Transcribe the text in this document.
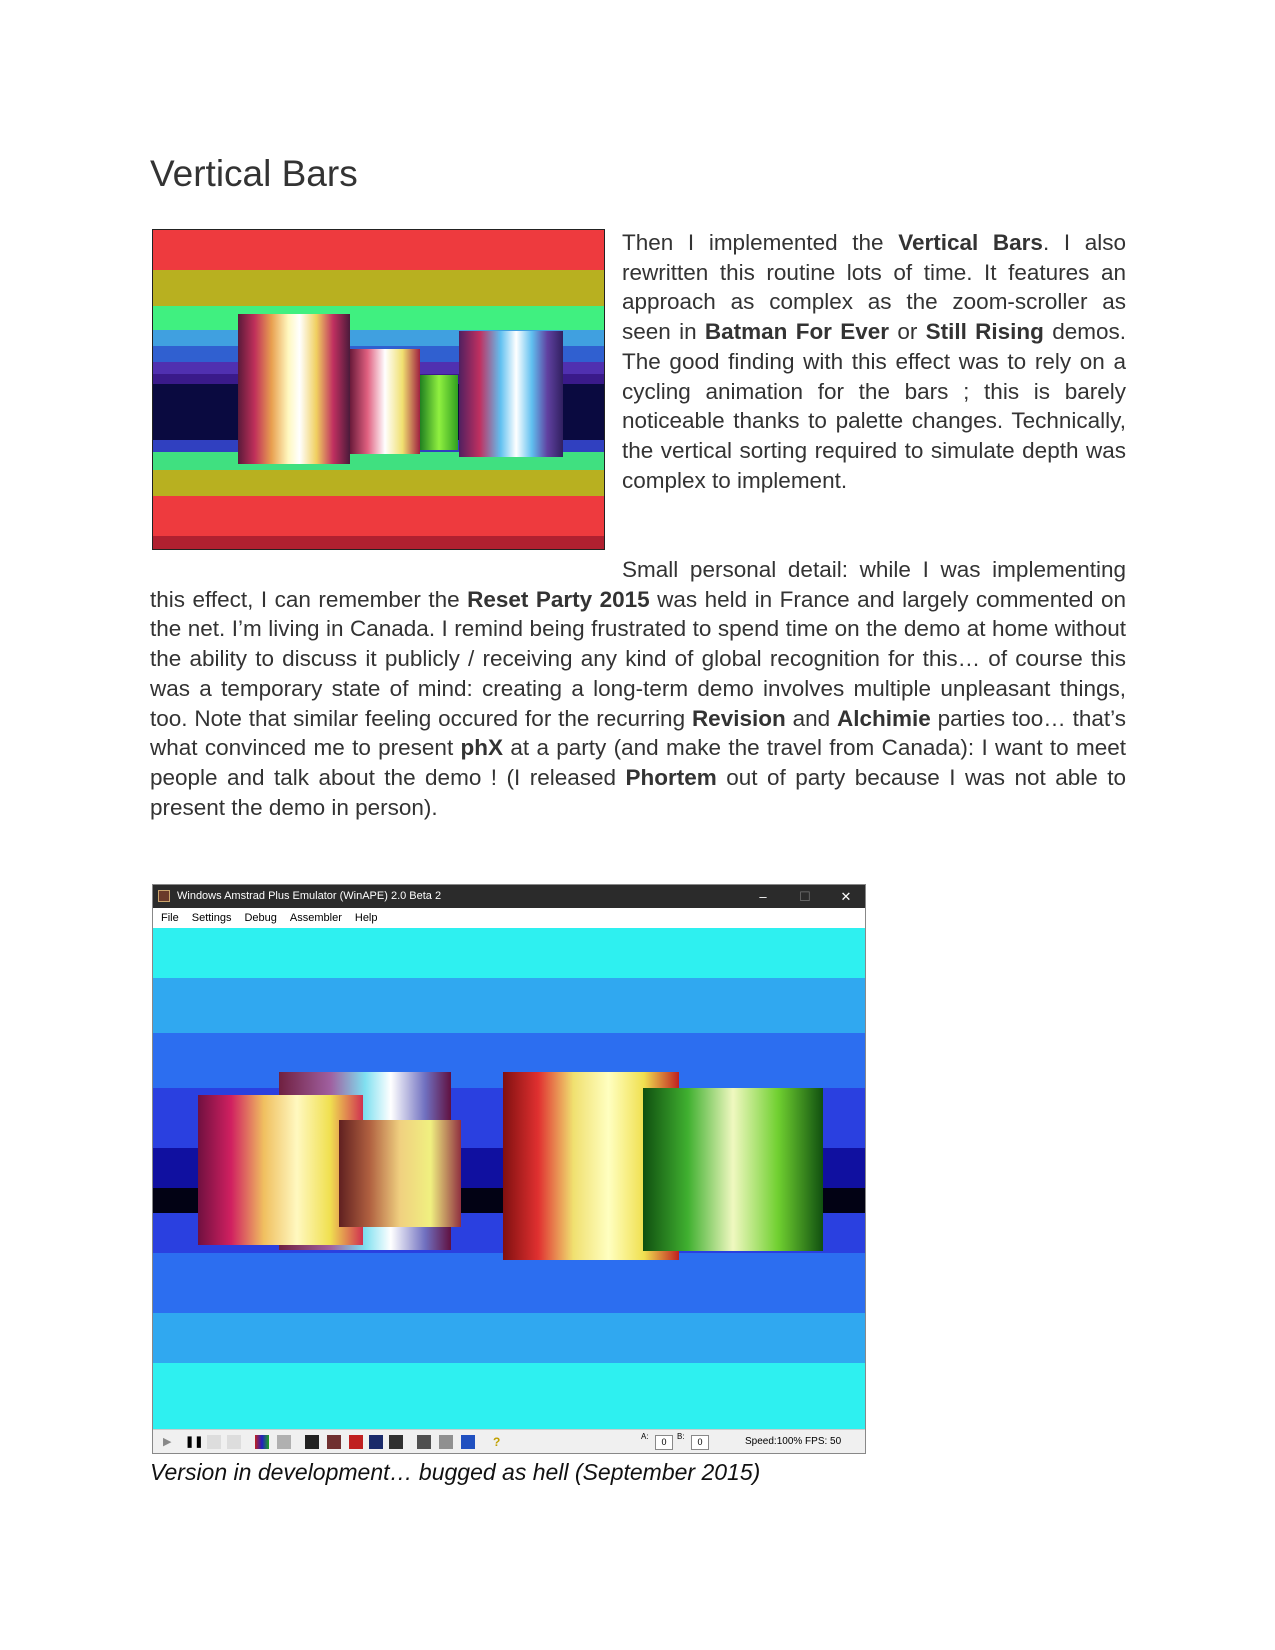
Vertical Bars

Then I implemented the Vertical Bars. I also rewritten this routine lots of time. It features an approach as complex as the zoom-scroller as seen in Batman For Ever or Still Rising demos. The good finding with this effect was to rely on a cycling animation for the bars ; this is barely noticeable thanks to palette changes. Technically, the vertical sorting required to simulate depth was complex to implement.

Small personal detail: while I was implementing this effect, I can remember the Reset Party 2015 was held in France and largely commented on the net. I’m living in Canada. I remind being frustrated to spend time on the demo at home without the ability to discuss it publicly / receiving any kind of global recognition for this… of course this was a temporary state of mind: creating a long-term demo involves multiple unpleasant things, too. Note that similar feeling occured for the recurring Revision and Alchimie parties too… that’s what convinced me to present phX at a party (and make the travel from Canada): I want to meet people and talk about the demo ! (I released Phortem out of party because I was not able to present the demo in person).

Windows Amstrad Plus Emulator (WinAPE) 2.0 Beta 2	–	☐	✕
File Settings Debug Assembler Help
▶	❚❚	?	A:
0
B:
0	Speed:100% FPS: 50

Version in development… bugged as hell (September 2015)
